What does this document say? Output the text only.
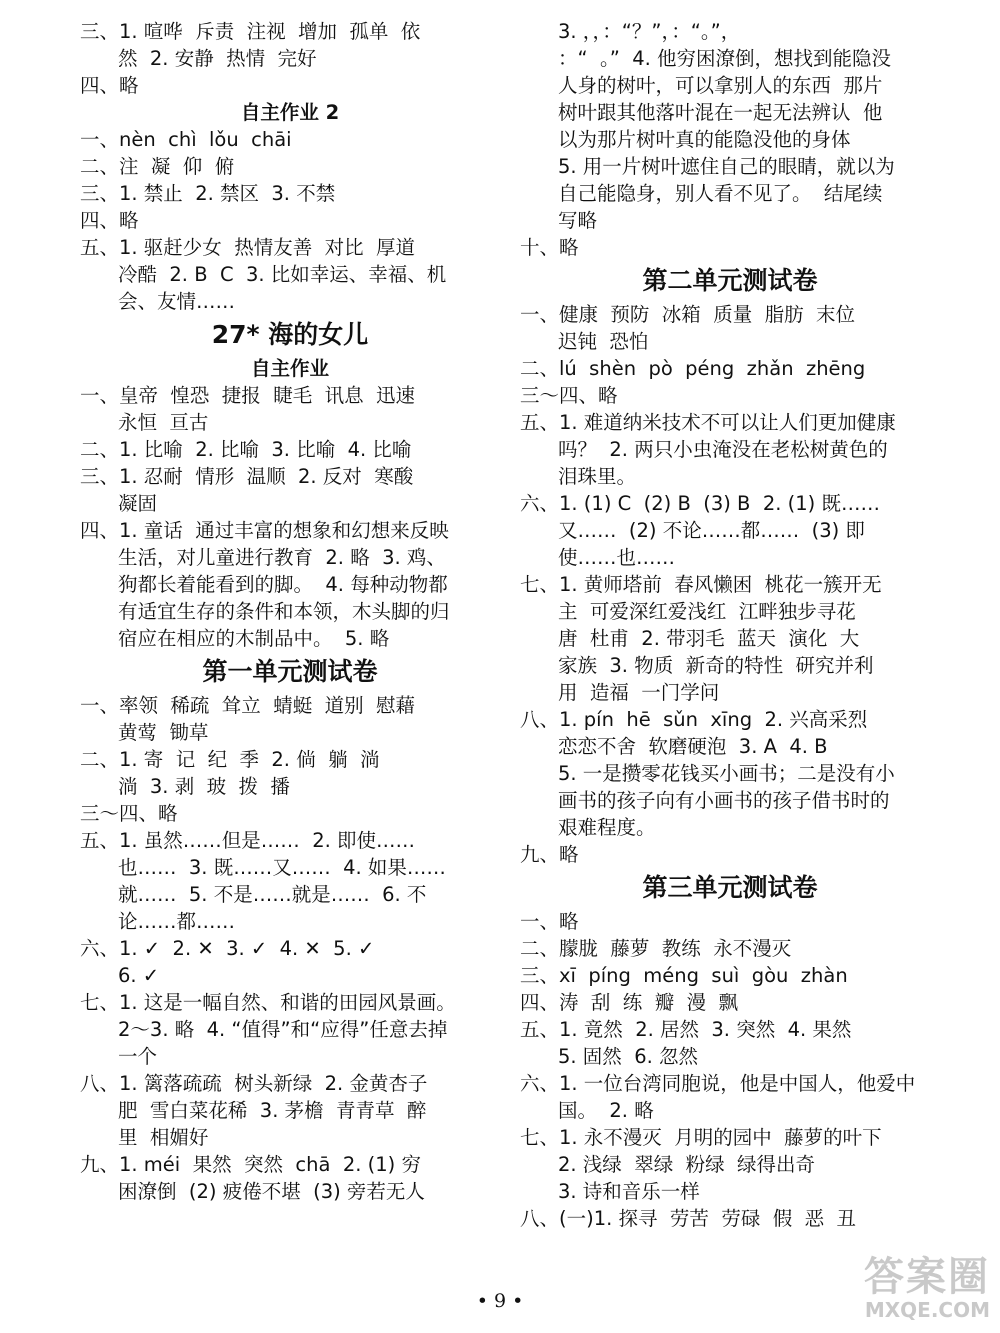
三、1. 喧哗  斥责  注视  增加  孤单  依
然  2. 安静  热情  完好
四、略
自主作业 2
一、nèn  chì  lǒu  chāi
二、注  凝  仰  俯
三、1. 禁止  2. 禁区  3. 不禁
四、略
五、1. 驱赶少女  热情友善  对比  厚道
冷酷  2. B  C  3. 比如幸运、幸福、机
会、友情……
27* 海的女儿
自主作业
一、皇帝  惶恐  捷报  睫毛  讯息  迅速
永恒  亘古
二、1. 比喻  2. 比喻  3. 比喻  4. 比喻
三、1. 忍耐  情形  温顺  2. 反对  寒酸
凝固
四、1. 童话  通过丰富的想象和幻想来反映
生活，对儿童进行教育  2. 略  3. 鸡、
狗都长着能看到的脚。  4. 每种动物都
有适宜生存的条件和本领，木头脚的归
宿应在相应的木制品中。  5. 略
第一单元测试卷
一、率领  稀疏  耸立  蜻蜓  道别  慰藉
黄莺  锄草
二、1. 寄  记  纪  季  2. 倘  躺  淌
淌  3. 剥  玻  拨  播
三～四、略
五、1. 虽然……但是……  2. 即使……
也……  3. 既……又……  4. 如果……
就……  5. 不是……就是……  6. 不
论……都……
六、1. ✓  2. ✕  3. ✓  4. ✕  5. ✓
6. ✓
七、1. 这是一幅自然、和谐的田园风景画。
2～3. 略  4. “值得”和“应得”任意去掉
一个
八、1. 篱落疏疏  树头新绿  2. 金黄杏子
肥  雪白菜花稀  3. 茅檐  青青草  醉
里  相媚好
九、1. méi  果然  突然  chā  2. (1) 穷
困潦倒  (2) 疲倦不堪  (3) 旁若无人
3. ，，：“？”，：“。”，
：“  。”  4. 他穷困潦倒，想找到能隐没
人身的树叶，可以拿别人的东西  那片
树叶跟其他落叶混在一起无法辨认  他
以为那片树叶真的能隐没他的身体
5. 用一片树叶遮住自己的眼睛，就以为
自己能隐身，别人看不见了。  结尾续
写略
十、略
第二单元测试卷
一、健康  预防  冰箱  质量  脂肪  末位
迟钝  恐怕
二、lú  shèn  pò  péng  zhǎn  zhēng
三～四、略
五、1. 难道纳米技术不可以让人们更加健康
吗？  2. 两只小虫淹没在老松树黄色的
泪珠里。
六、1. (1) C  (2) B  (3) B  2. (1) 既……
又……  (2) 不论……都……  (3) 即
使……也……
七、1. 黄师塔前  春风懒困  桃花一簇开无
主  可爱深红爱浅红  江畔独步寻花
唐  杜甫  2. 带羽毛  蓝天  演化  大
家族  3. 物质  新奇的特性  研究并利
用  造福  一门学问
八、1. pín  hē  sǔn  xīng  2. 兴高采烈
恋恋不舍  软磨硬泡  3. A  4. B
5. 一是攒零花钱买小画书；二是没有小
画书的孩子向有小画书的孩子借书时的
艰难程度。
九、略
第三单元测试卷
一、略
二、朦胧  藤萝  教练  永不漫灭
三、xī  píng  méng  suì  gòu  zhàn
四、涛  刮  练  瓣  漫  飘
五、1. 竟然  2. 居然  3. 突然  4. 果然
5. 固然  6. 忽然
六、1. 一位台湾同胞说，他是中国人，他爱中
国。  2. 略
七、1. 永不漫灭  月明的园中  藤萝的叶下
2. 浅绿  翠绿  粉绿  绿得出奇
3. 诗和音乐一样
八、(一)1. 探寻  劳苦  劳碌  假  恶  丑
• 9 •
答案圈
MXQE.COM
